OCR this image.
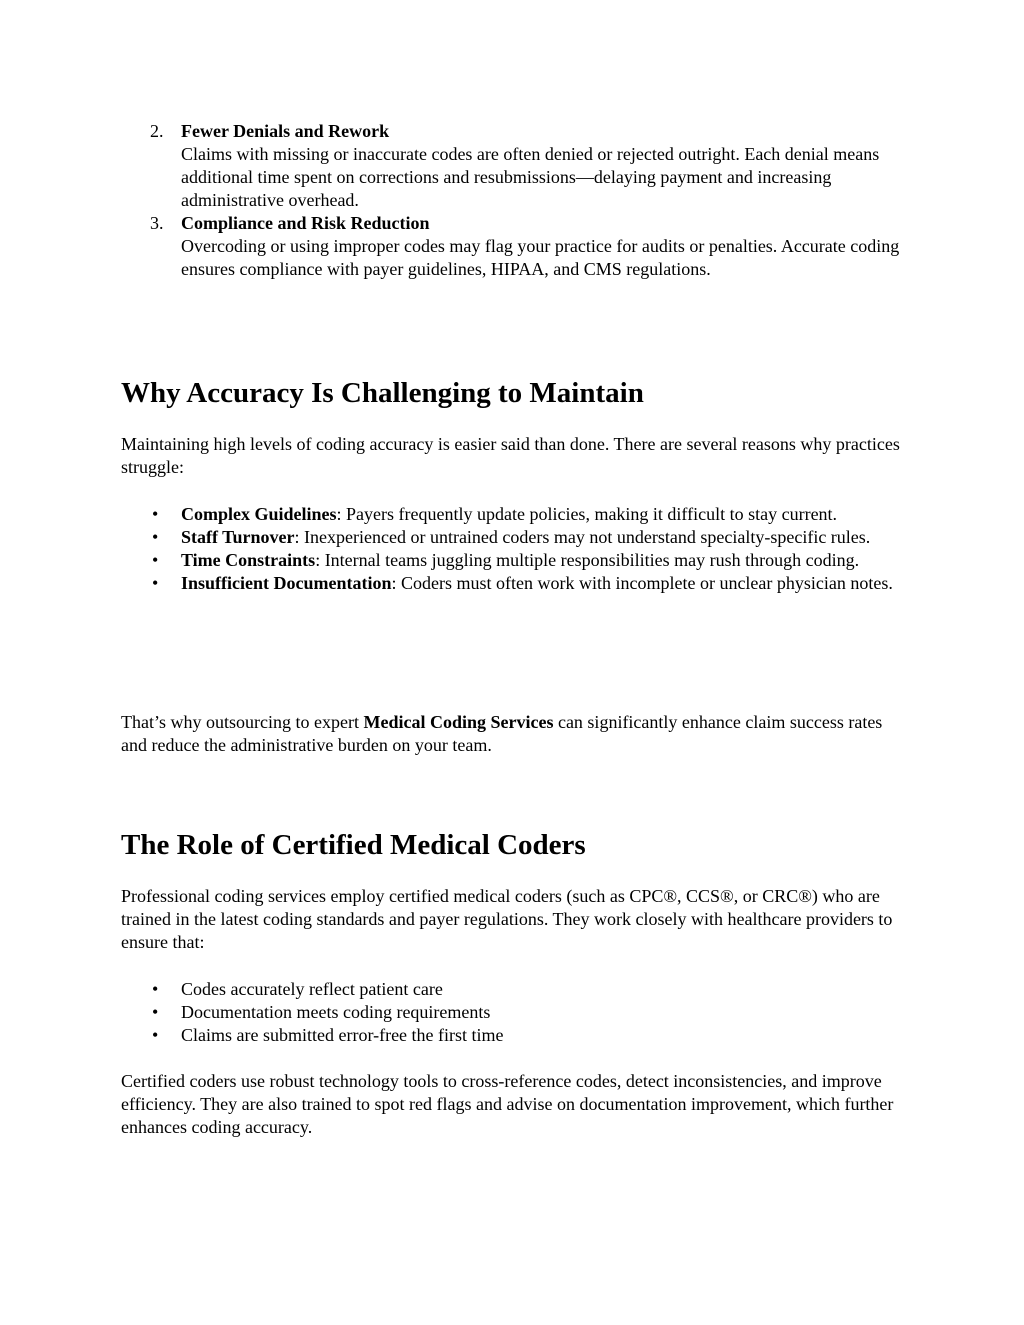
2. Fewer Denials and Rework
Claims with missing or inaccurate codes are often denied or rejected outright. Each denial means additional time spent on corrections and resubmissions—delaying payment and increasing administrative overhead.
3. Compliance and Risk Reduction
Overcoding or using improper codes may flag your practice for audits or penalties. Accurate coding ensures compliance with payer guidelines, HIPAA, and CMS regulations.
Why Accuracy Is Challenging to Maintain

Maintaining high levels of coding accuracy is easier said than done. There are several reasons why practices struggle:

• Complex Guidelines: Payers frequently update policies, making it difficult to stay current.
• Staff Turnover: Inexperienced or untrained coders may not understand specialty-specific rules.
• Time Constraints: Internal teams juggling multiple responsibilities may rush through coding.
• Insufficient Documentation: Coders must often work with incomplete or unclear physician notes.

That’s why outsourcing to expert Medical Coding Services can significantly enhance claim success rates and reduce the administrative burden on your team.

The Role of Certified Medical Coders

Professional coding services employ certified medical coders (such as CPC®, CCS®, or CRC®) who are trained in the latest coding standards and payer regulations. They work closely with healthcare providers to ensure that:

• Codes accurately reflect patient care
• Documentation meets coding requirements
• Claims are submitted error-free the first time

Certified coders use robust technology tools to cross-reference codes, detect inconsistencies, and improve efficiency. They are also trained to spot red flags and advise on documentation improvement, which further enhances coding accuracy.
